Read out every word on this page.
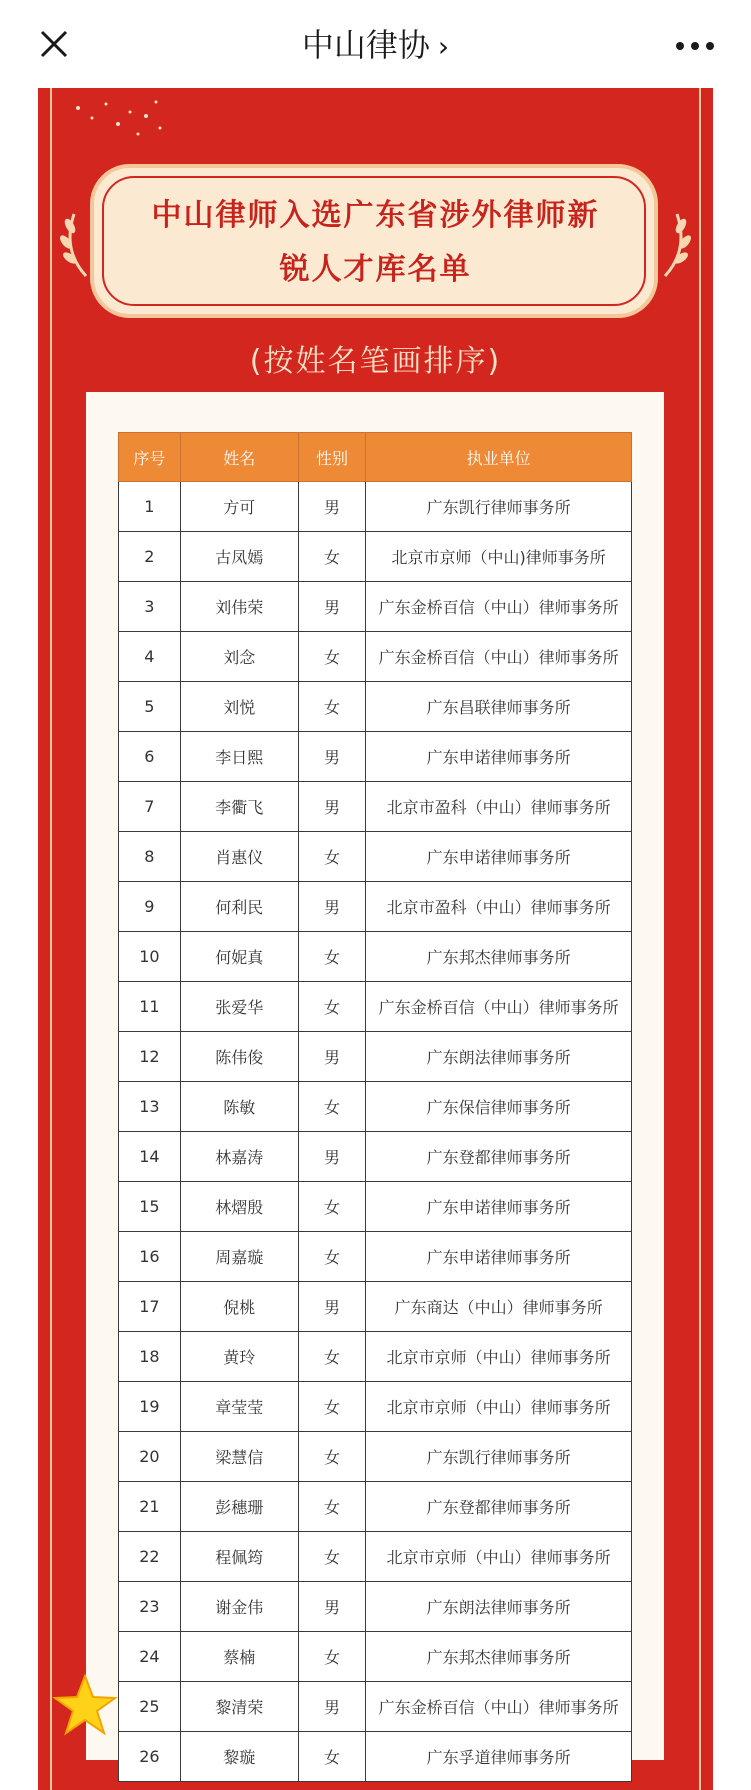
中山律协 ›
中山律师入选广东省涉外律师新
锐人才库名单
(按姓名笔画排序)
序号	姓名	性别	执业单位
1	方可	男	广东凯行律师事务所
2	古凤嫣	女	北京市京师（中山)律师事务所
3	刘伟荣	男	广东金桥百信（中山）律师事务所
4	刘念	女	广东金桥百信（中山）律师事务所
5	刘悦	女	广东昌联律师事务所
6	李日熙	男	广东申诺律师事务所
7	李衢飞	男	北京市盈科（中山）律师事务所
8	肖惠仪	女	广东申诺律师事务所
9	何利民	男	北京市盈科（中山）律师事务所
10	何妮真	女	广东邦杰律师事务所
11	张爱华	女	广东金桥百信（中山）律师事务所
12	陈伟俊	男	广东朗法律师事务所
13	陈敏	女	广东保信律师事务所
14	林嘉涛	男	广东登都律师事务所
15	林熠殷	女	广东申诺律师事务所
16	周嘉璇	女	广东申诺律师事务所
17	倪桃	男	广东商达（中山）律师事务所
18	黄玲	女	北京市京师（中山）律师事务所
19	章莹莹	女	北京市京师（中山）律师事务所
20	梁慧信	女	广东凯行律师事务所
21	彭穗珊	女	广东登都律师事务所
22	程佩筠	女	北京市京师（中山）律师事务所
23	谢金伟	男	广东朗法律师事务所
24	蔡楠	女	广东邦杰律师事务所
25	黎清荣	男	广东金桥百信（中山）律师事务所
26	黎璇	女	广东孚道律师事务所
